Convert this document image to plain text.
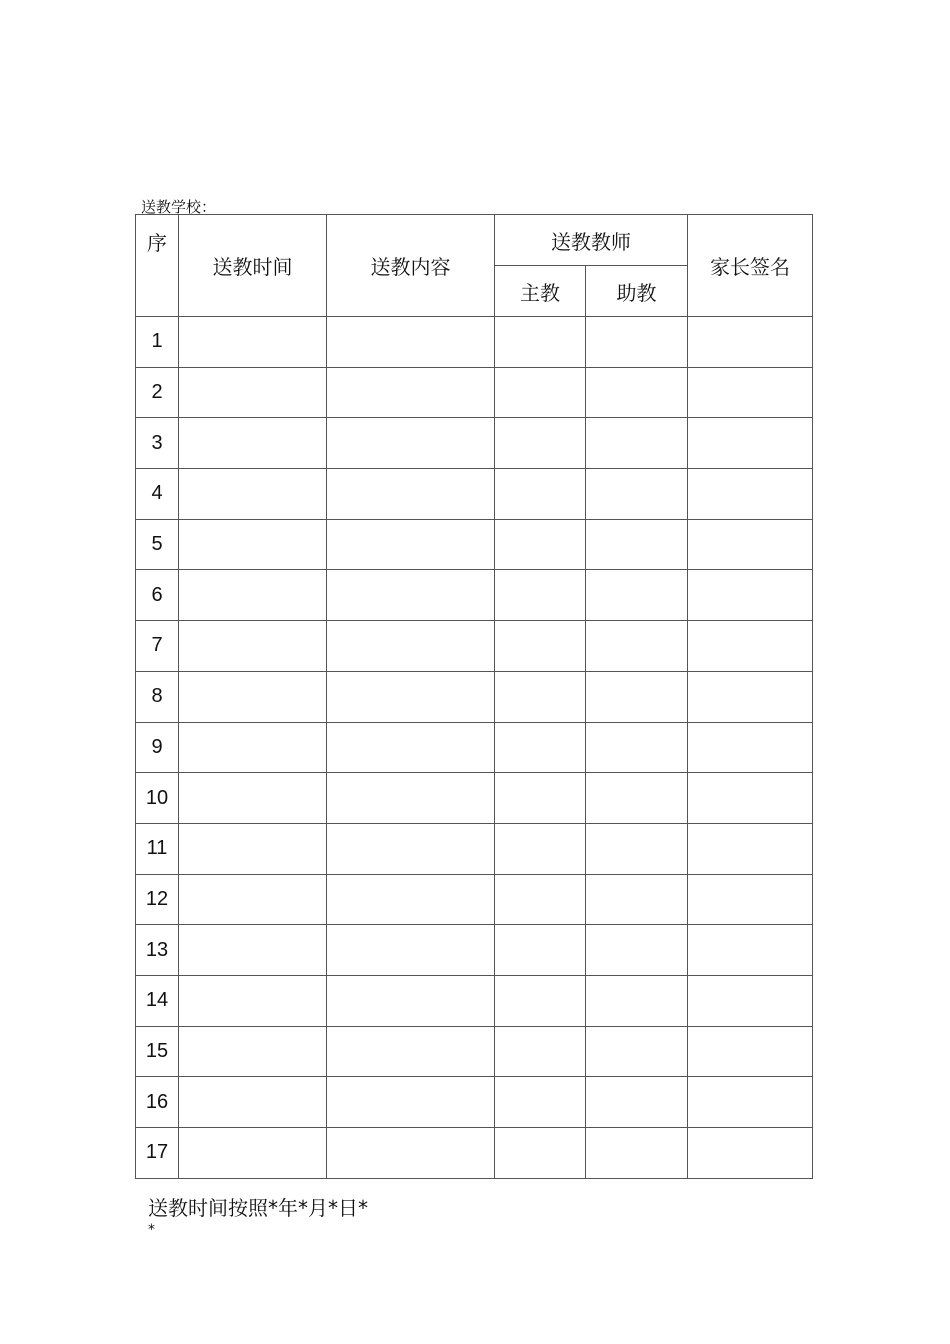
送教学校：
序	送教时间	送教内容	送教教师		家长签名
			主教	助教	
1					
2					
3					
4					
5					
6					
7					
8					
9					
10					
11					
12					
13					
14					
15					
16					
17					
送教时间按照*年*月*日*
*
